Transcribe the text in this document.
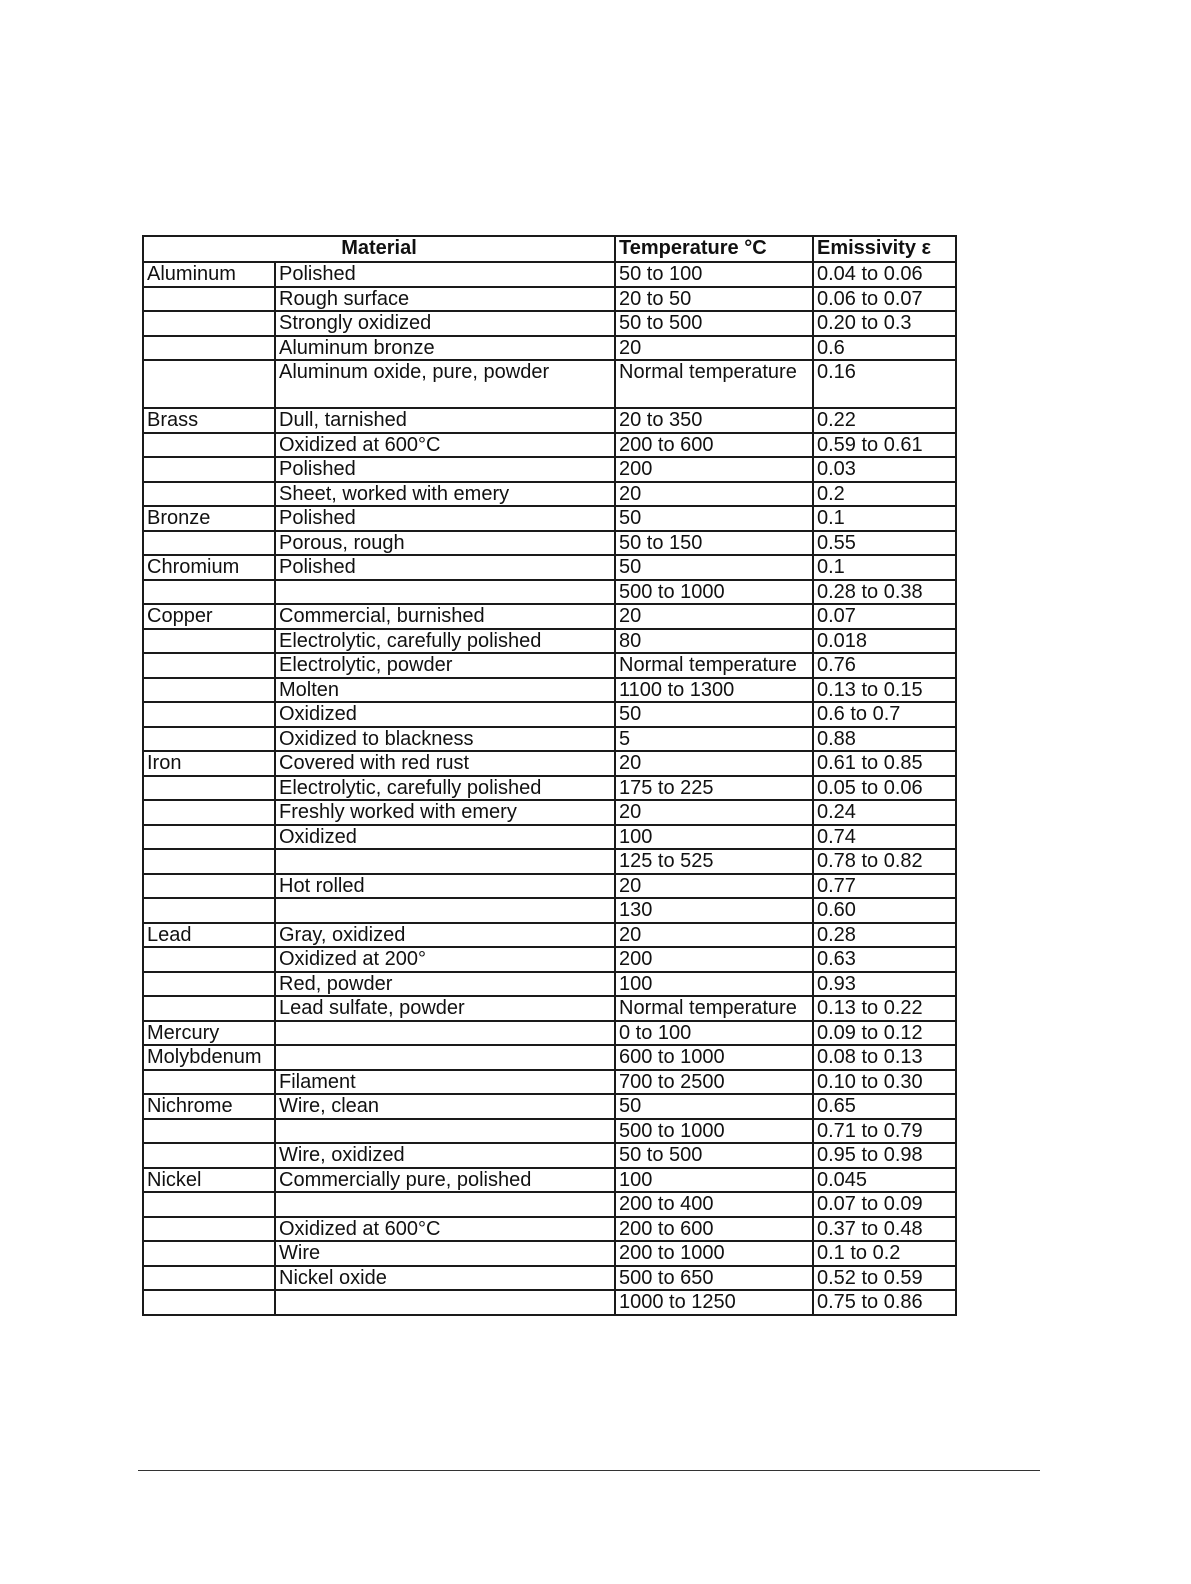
Material		Temperature °C	Emissivity ε
Aluminum	Polished	50 to 100	0.04 to 0.06
	Rough surface	20 to 50	0.06 to 0.07
	Strongly oxidized	50 to 500	0.20 to 0.3
	Aluminum bronze	20	0.6
	Aluminum oxide, pure, powder	Normal temperature	0.16
Brass	Dull, tarnished	20 to 350	0.22
	Oxidized at 600°C	200 to 600	0.59 to 0.61
	Polished	200	0.03
	Sheet, worked with emery	20	0.2
Bronze	Polished	50	0.1
	Porous, rough	50 to 150	0.55
Chromium	Polished	50	0.1
		500 to 1000	0.28 to 0.38
Copper	Commercial, burnished	20	0.07
	Electrolytic, carefully polished	80	0.018
	Electrolytic, powder	Normal temperature	0.76
	Molten	1100 to 1300	0.13 to 0.15
	Oxidized	50	0.6 to 0.7
	Oxidized to blackness	5	0.88
Iron	Covered with red rust	20	0.61 to 0.85
	Electrolytic, carefully polished	175 to 225	0.05 to 0.06
	Freshly worked with emery	20	0.24
	Oxidized	100	0.74
		125 to 525	0.78 to 0.82
	Hot rolled	20	0.77
		130	0.60
Lead	Gray, oxidized	20	0.28
	Oxidized at 200°	200	0.63
	Red, powder	100	0.93
	Lead sulfate, powder	Normal temperature	0.13 to 0.22
Mercury		0 to 100	0.09 to 0.12
Molybdenum		600 to 1000	0.08 to 0.13
	Filament	700 to 2500	0.10 to 0.30
Nichrome	Wire, clean	50	0.65
		500 to 1000	0.71 to 0.79
	Wire, oxidized	50 to 500	0.95 to 0.98
Nickel	Commercially pure, polished	100	0.045
		200 to 400	0.07 to 0.09
	Oxidized at 600°C	200 to 600	0.37 to 0.48
	Wire	200 to 1000	0.1 to 0.2
	Nickel oxide	500 to 650	0.52 to 0.59
		1000 to 1250	0.75 to 0.86
